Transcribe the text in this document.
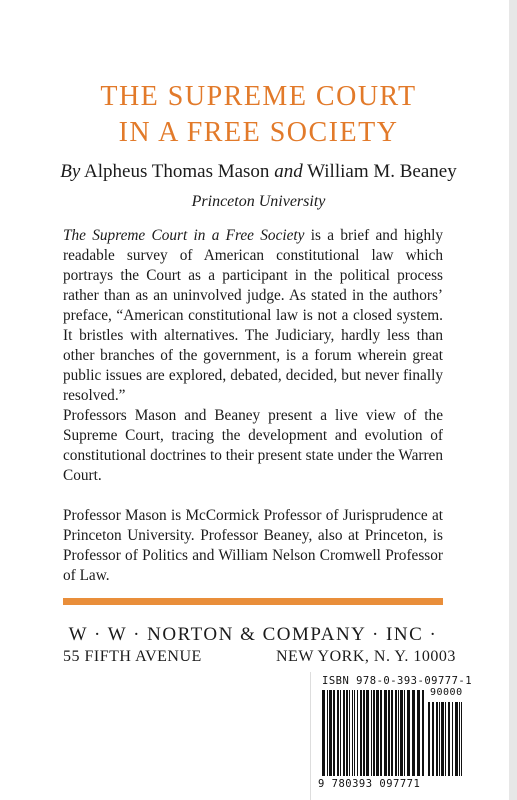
THE SUPREME COURT
IN A FREE SOCIETY
By Alpheus Thomas Mason and William M. Beaney
Princeton University
The Supreme Court in a Free Society is a brief and highly readable survey of American constitutional law which portrays the Court as a participant in the political process rather than as an uninvolved judge. As stated in the authors’ preface, “American constitutional law is not a closed system. It bristles with alternatives. The Judiciary, hardly less than other branches of the government, is a forum wherein great public issues are explored, debated, decided, but never finally resolved.”
Professors Mason and Beaney present a live view of the Supreme Court, tracing the development and evolution of constitutional doctrines to their present state under the Warren Court.
Professor Mason is McCormick Professor of Jurisprudence at Princeton University. Professor Beaney, also at Princeton, is Professor of Politics and William Nelson Cromwell Professor of Law.
W · W · NORTON & COMPANY · INC ·
55 FIFTH AVENUE	NEW YORK, N. Y. 10003
ISBN 978-0-393-09777-1
90000
9 780393 097771
